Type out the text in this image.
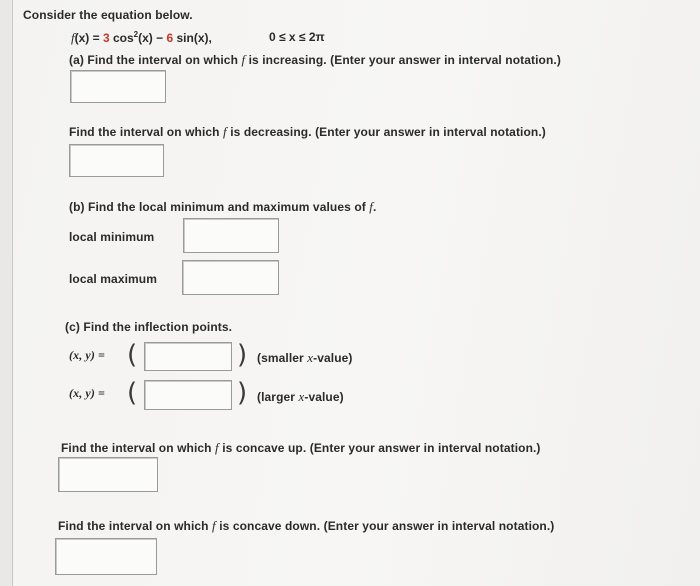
Consider the equation below.
f(x) = 3 $\cos^2(x) - 6$ sin(x),	0 ≤ x ≤ 2π
(a) Find the interval on which f is increasing. (Enter your answer in interval notation.)
Find the interval on which f is decreasing. (Enter your answer in interval notation.)
(b) Find the local minimum and maximum values of f.
local minimum
local maximum
(c) Find the inflection points.
(x, y) = (	) (smaller x-value)
(x, y) = (	) (larger x-value)
Find the interval on which f is concave up. (Enter your answer in interval notation.)
Find the interval on which f is concave down. (Enter your answer in interval notation.)
